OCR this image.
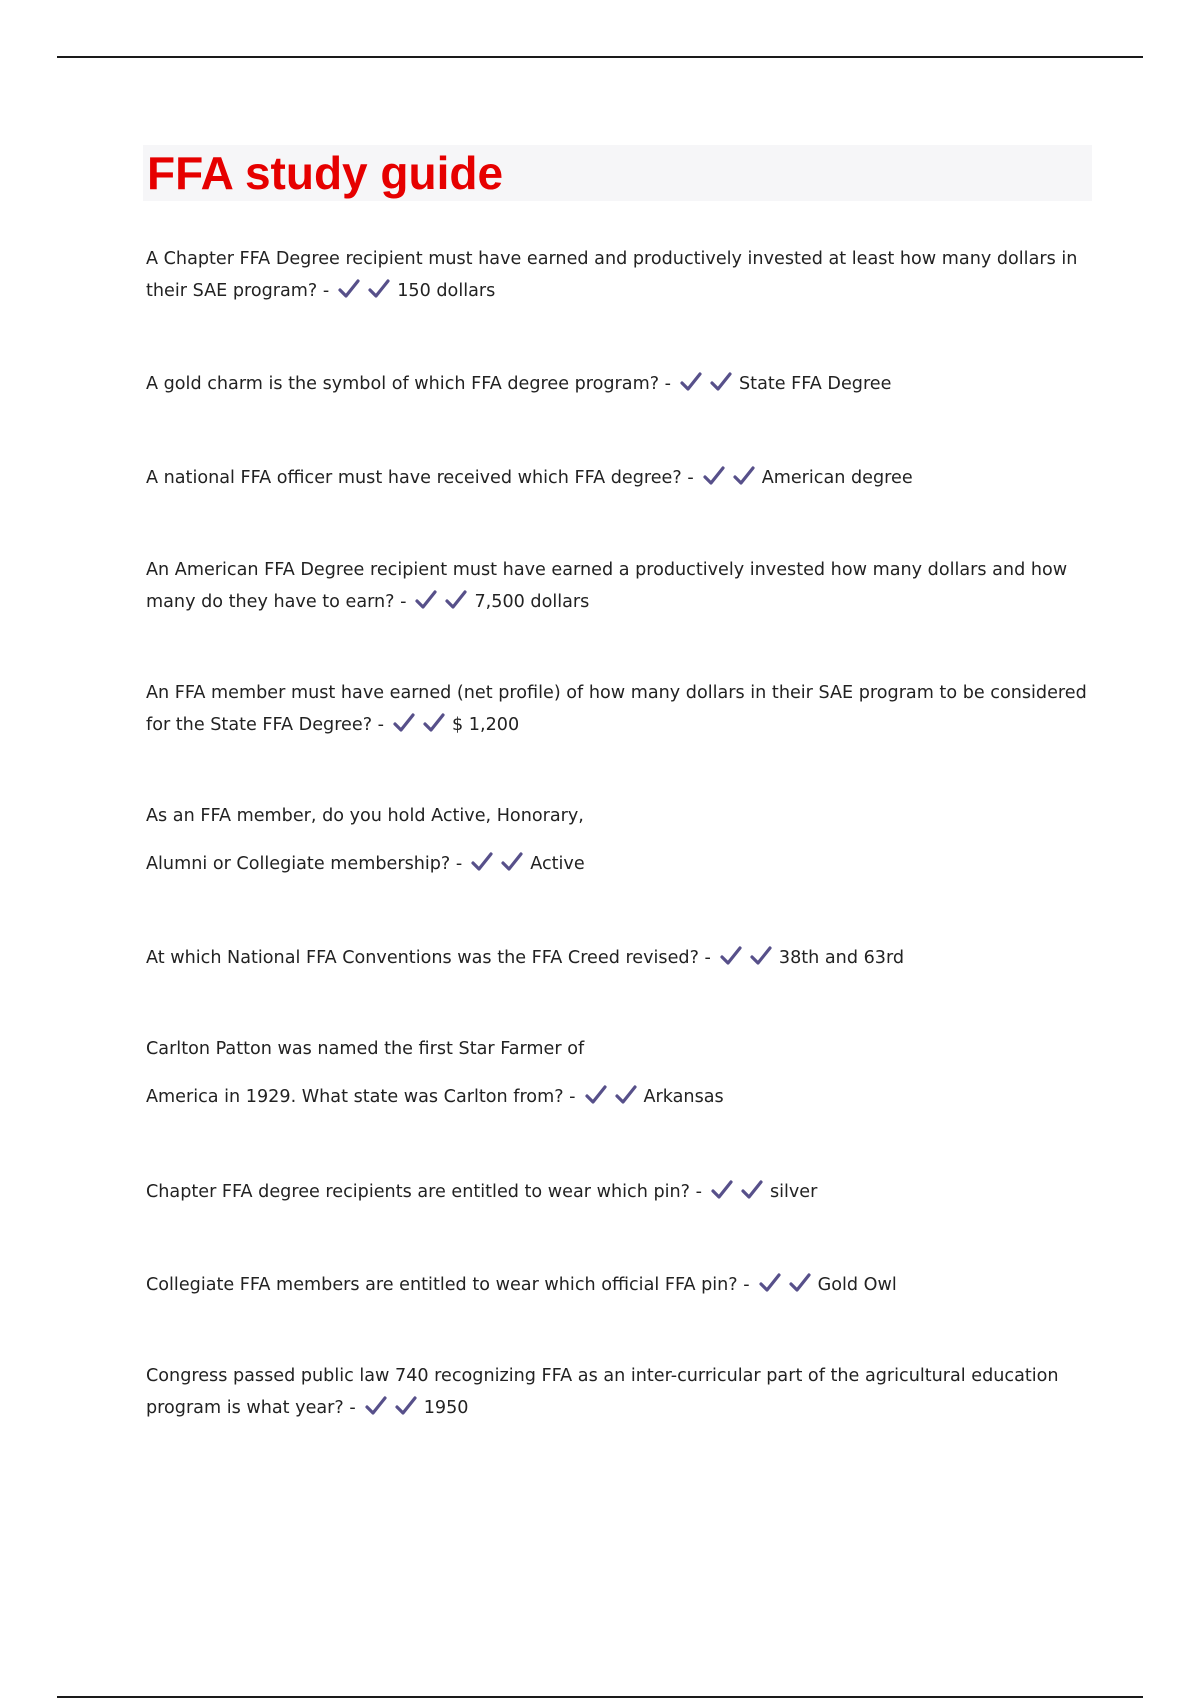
FFA study guide
A Chapter FFA Degree recipient must have earned and productively invested at least how many dollars in their SAE program? -	150 dollars
A gold charm is the symbol of which FFA degree program? -	State FFA Degree
A national FFA officer must have received which FFA degree? -	American degree
An American FFA Degree recipient must have earned a productively invested how many dollars and how many do they have to earn? -	7,500 dollars
An FFA member must have earned (net profile) of how many dollars in their SAE program to be considered for the State FFA Degree? -	$ 1,200
As an FFA member, do you hold Active, Honorary,
Alumni or Collegiate membership? -	Active
At which National FFA Conventions was the FFA Creed revised? -	38th and 63rd
Carlton Patton was named the first Star Farmer of
America in 1929. What state was Carlton from? -	Arkansas
Chapter FFA degree recipients are entitled to wear which pin? -	silver
Collegiate FFA members are entitled to wear which official FFA pin? -	Gold Owl
Congress passed public law 740 recognizing FFA as an inter-curricular part of the agricultural education program is what year? -	1950
